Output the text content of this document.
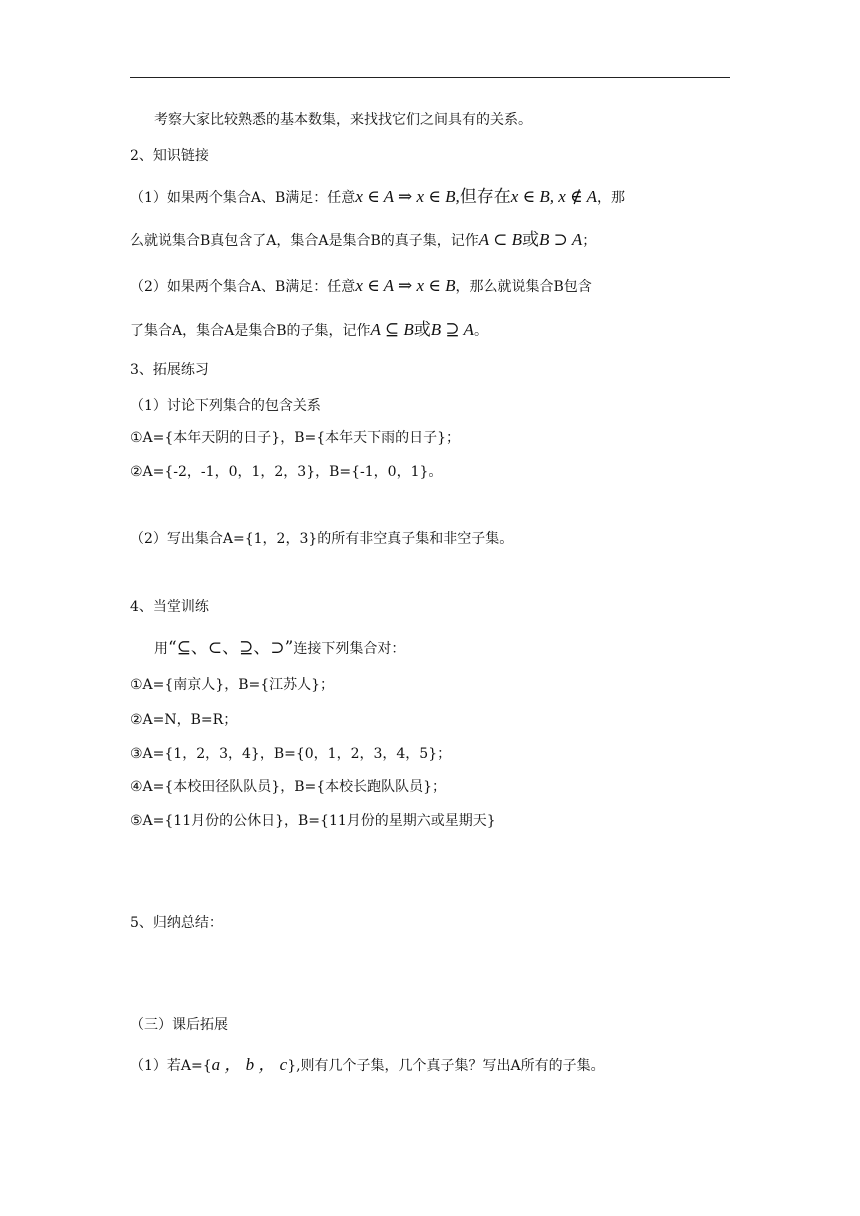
考察大家比较熟悉的基本数集，来找找它们之间具有的关系。
2、知识链接
（1）如果两个集合A、B满足：任意x ∈ A ⇒ x ∈ B,但存在x ∈ B, x ∉ A，那
么就说集合B真包含了A，集合A是集合B的真子集，记作A ⊂ B或B ⊃ A；
（2）如果两个集合A、B满足：任意x ∈ A ⇒ x ∈ B，那么就说集合B包含
了集合A，集合A是集合B的子集，记作A ⊆ B或B ⊇ A。
3、拓展练习
（1）讨论下列集合的包含关系
①A={本年天阴的日子}，B={本年天下雨的日子}；
②A={-2，-1，0，1，2，3}，B={-1，0，1}。
（2）写出集合A={1，2，3}的所有非空真子集和非空子集。
4、当堂训练
用“⊆、⊂、⊇、⊃”连接下列集合对：
①A={南京人}，B={江苏人}；
②A=N，B=R；
③A={1，2，3，4}，B={0，1，2，3，4，5}；
④A={本校田径队队员}，B={本校长跑队队员}；
⑤A={11月份的公休日}，B={11月份的星期六或星期天}
5、归纳总结：
（三）课后拓展
（1）若A={a ， b ， c},则有几个子集，几个真子集？写出A所有的子集。
